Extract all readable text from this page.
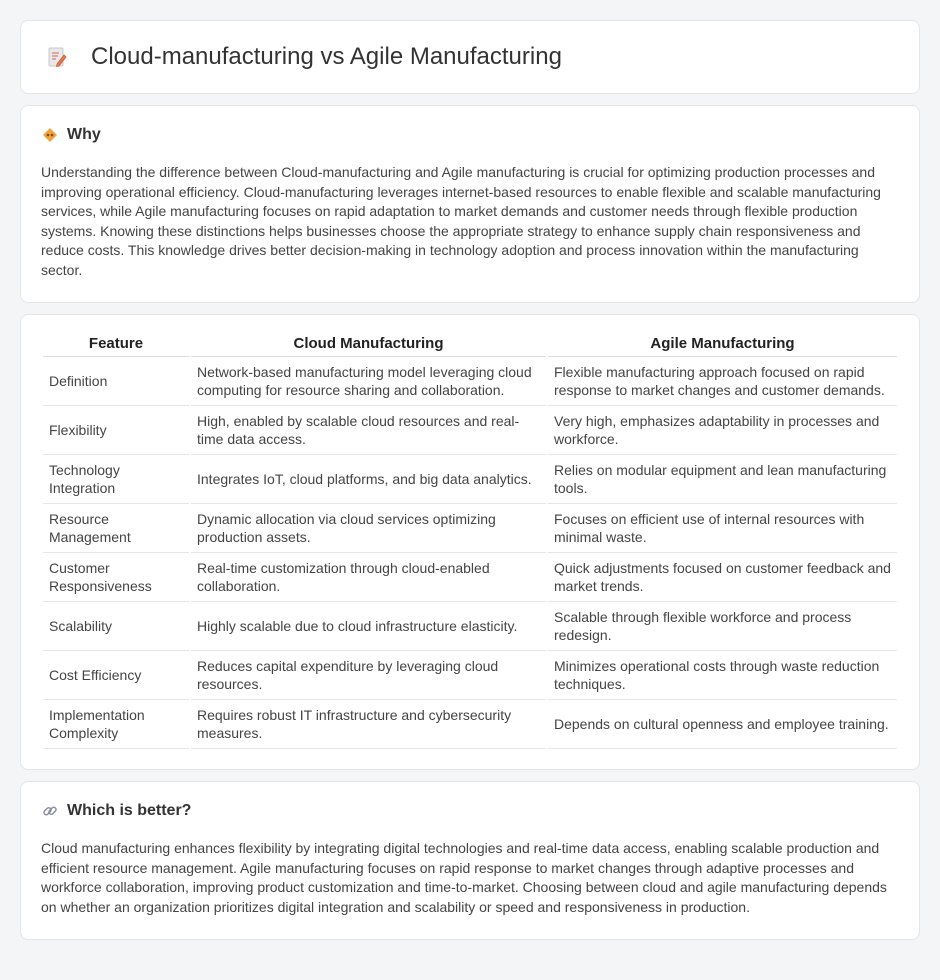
Cloud-manufacturing vs Agile Manufacturing
Why

Understanding the difference between Cloud-manufacturing and Agile manufacturing is crucial for optimizing production processes and improving operational efficiency. Cloud-manufacturing leverages internet-based resources to enable flexible and scalable manufacturing services, while Agile manufacturing focuses on rapid adaptation to market demands and customer needs through flexible production systems. Knowing these distinctions helps businesses choose the appropriate strategy to enhance supply chain responsiveness and reduce costs. This knowledge drives better decision-making in technology adoption and process innovation within the manufacturing sector.

Feature	Cloud Manufacturing	Agile Manufacturing
Definition	Network-based manufacturing model leveraging cloud computing for resource sharing and collaboration.	Flexible manufacturing approach focused on rapid response to market changes and customer demands.
Flexibility	High, enabled by scalable cloud resources and real-time data access.	Very high, emphasizes adaptability in processes and workforce.
Technology Integration	Integrates IoT, cloud platforms, and big data analytics.	Relies on modular equipment and lean manufacturing tools.
Resource Management	Dynamic allocation via cloud services optimizing production assets.	Focuses on efficient use of internal resources with minimal waste.
Customer Responsiveness	Real-time customization through cloud-enabled collaboration.	Quick adjustments focused on customer feedback and market trends.
Scalability	Highly scalable due to cloud infrastructure elasticity.	Scalable through flexible workforce and process redesign.
Cost Efficiency	Reduces capital expenditure by leveraging cloud resources.	Minimizes operational costs through waste reduction techniques.
Implementation Complexity	Requires robust IT infrastructure and cybersecurity measures.	Depends on cultural openness and employee training.
Which is better?

Cloud manufacturing enhances flexibility by integrating digital technologies and real-time data access, enabling scalable production and efficient resource management. Agile manufacturing focuses on rapid response to market changes through adaptive processes and workforce collaboration, improving product customization and time-to-market. Choosing between cloud and agile manufacturing depends on whether an organization prioritizes digital integration and scalability or speed and responsiveness in production.
